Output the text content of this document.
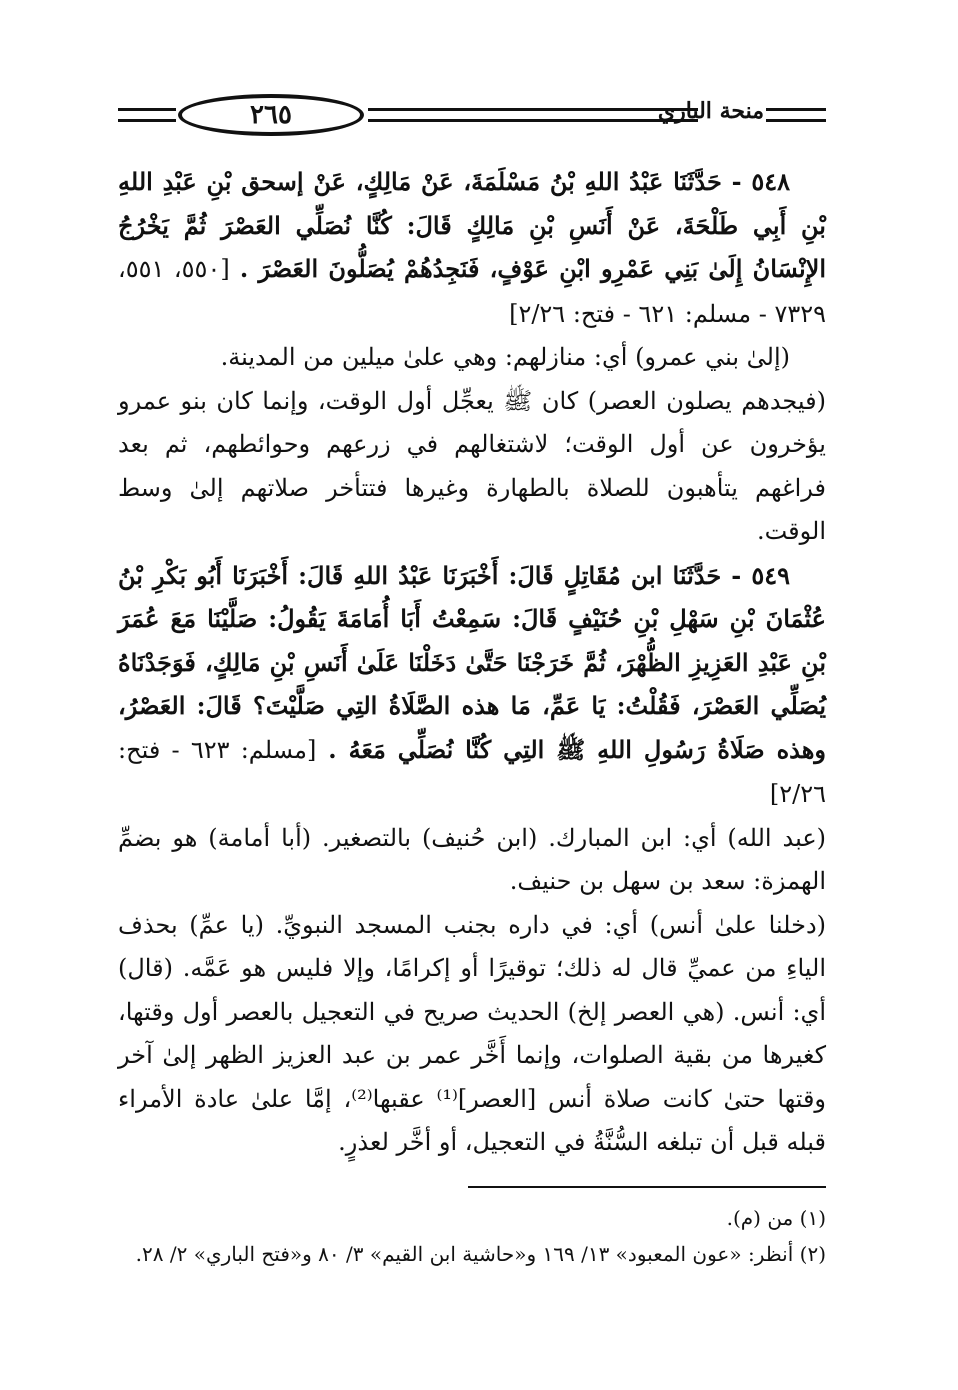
٢٦٥	منحة الباري

٥٤٨ - حَدَّثَنَا عَبْدُ اللهِ بْنُ مَسْلَمَةَ، عَنْ مَالِكٍ، عَنْ إسحق بْنِ عَبْدِ اللهِ بْنِ أَبِي طَلْحَةَ، عَنْ أَنَسِ بْنِ مَالِكٍ قَالَ: كُنَّا نُصَلِّي العَصْرَ ثُمَّ يَخْرُجُ الإِنْسَانُ إِلَىٰ بَنِي عَمْرِو ابْنِ عَوْفٍ، فَنَجِدُهُمْ يُصَلُّونَ العَصْرَ . [٥٥٠، ٥٥١، ٧٣٢٩ - مسلم: ٦٢١ - فتح: ٢/٢٦]

(إلىٰ بني عمرو) أي: منازلهم: وهي علىٰ ميلين من المدينة.

(فيجدهم يصلون العصر) كان ﷺ يعجِّل أول الوقت، وإنما كان بنو عمرو يؤخرون عن أول الوقت؛ لاشتغالهم في زرعهم وحوائطهم، ثم بعد فراغهم يتأهبون للصلاة بالطهارة وغيرها فتتأخر صلاتهم إلىٰ وسط الوقت.

٥٤٩ - حَدَّثَنَا ابن مُقَاتِلٍ قَالَ: أَخْبَرَنَا عَبْدُ اللهِ قَالَ: أَخْبَرَنَا أَبُو بَكْرِ بْنُ عُثْمَانَ بْنِ سَهْلِ بْنِ حُنَيْفٍ قَالَ: سَمِعْتُ أَبَا أُمَامَةَ يَقُولُ: صَلَّيْنَا مَعَ عُمَرَ بْنِ عَبْدِ العَزِيزِ الظُّهْرَ، ثُمَّ خَرَجْنَا حَتَّىٰ دَخَلْنَا عَلَىٰ أَنَسِ بْنِ مَالِكٍ، فَوَجَدْنَاهُ يُصَلِّي العَصْرَ، فَقُلْتُ: يَا عَمِّ، مَا هذه الصَّلَاةُ التِي صَلَّيْتَ؟ قَالَ: العَصْرُ، وهذه صَلَاةُ رَسُولِ اللهِ ﷺ التِي كُنَّا نُصَلِّي مَعَهُ . [مسلم: ٦٢٣ - فتح: ٢/٢٦]

(عبد الله) أي: ابن المبارك. (ابن حُنيف) بالتصغير. (أبا أمامة) هو بضمِّ الهمزة: سعد بن سهل بن حنيف.

(دخلنا علىٰ أنس) أي: في داره بجنب المسجد النبويِّ. (يا عمِّ) بحذف الياءِ من عميِّ قال له ذلك؛ توقيرًا أو إكرامًا، وإلا فليس هو عَمَّه. (قال) أي: أنس. (هي العصر إلخ) الحديث صريح في التعجيل بالعصر أول وقتها، كغيرها من بقية الصلوات، وإنما أَخَّر عمر بن عبد العزيز الظهر إلىٰ آخر وقتها حتىٰ كانت صلاة أنس [العصر]⁽¹⁾ عقبها⁽²⁾، إمَّا علىٰ عادة الأمراء قبله قبل أن تبلغه السُّنَّةُ في التعجيل، أو أخَّر لعذرٍ.

(١) من (م).

(٢) أنظر: «عون المعبود» ١٣/ ١٦٩ و«حاشية ابن القيم» ٣/ ٨٠ و«فتح الباري» ٢/ ٢٨.
